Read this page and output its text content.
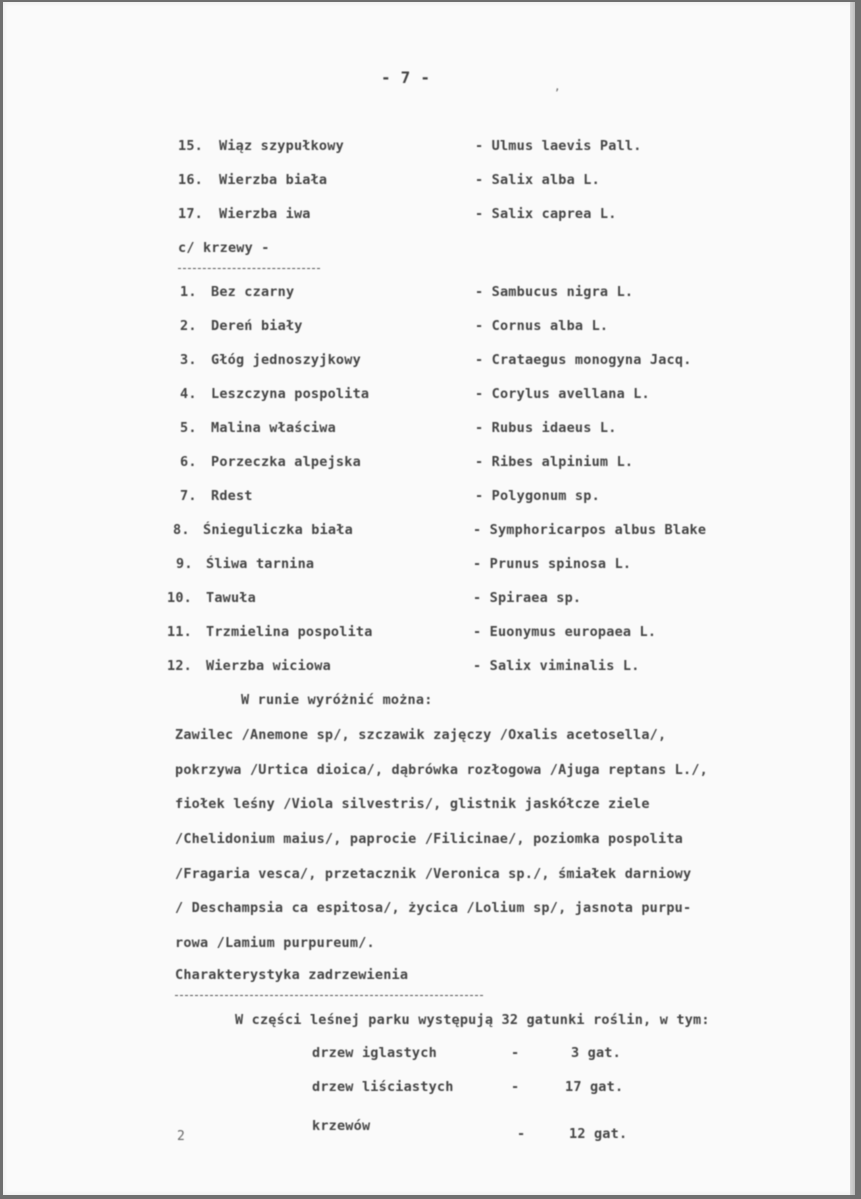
- 7 -	,
15. Wiąz szypułkowy	- Ulmus laevis Pall.
16. Wierzba biała	- Salix alba L.
17. Wierzba iwa	- Salix caprea L.
c/ krzewy -
1. Bez czarny	- Sambucus nigra L.
2. Dereń biały	- Cornus alba L.
3. Głóg jednoszyjkowy	- Crataegus monogyna Jacq.
4. Leszczyna pospolita	- Corylus avellana L.
5. Malina właściwa	- Rubus idaeus L.
6. Porzeczka alpejska	- Ribes alpinium L.
7. Rdest	- Polygonum sp.
8. Śnieguliczka biała	- Symphoricarpos albus Blake
9. Śliwa tarnina	- Prunus spinosa L.
10. Tawuła	- Spiraea sp.
11. Trzmielina pospolita	- Euonymus europaea L.
12. Wierzba wiciowa	- Salix viminalis L.
W runie wyróżnić można:
Zawilec /Anemone sp/, szczawik zajęczy /Oxalis acetosella/,
pokrzywa /Urtica dioica/, dąbrówka rozłogowa /Ajuga reptans L./,
fiołek leśny /Viola silvestris/, glistnik jaskółcze ziele
/Chelidonium maius/, paprocie /Filicinae/, poziomka pospolita
/Fragaria vesca/, przetacznik /Veronica sp./, śmiałek darniowy
/ Deschampsia ca espitosa/, życica /Lolium sp/, jasnota purpu-
rowa /Lamium purpureum/.
Charakterystyka zadrzewienia
W części leśnej parku występują 32 gatunki roślin, w tym:
drzew iglastych	-	3 gat.
drzew liściastych	-	17 gat.
krzewów	-	12 gat.
2
